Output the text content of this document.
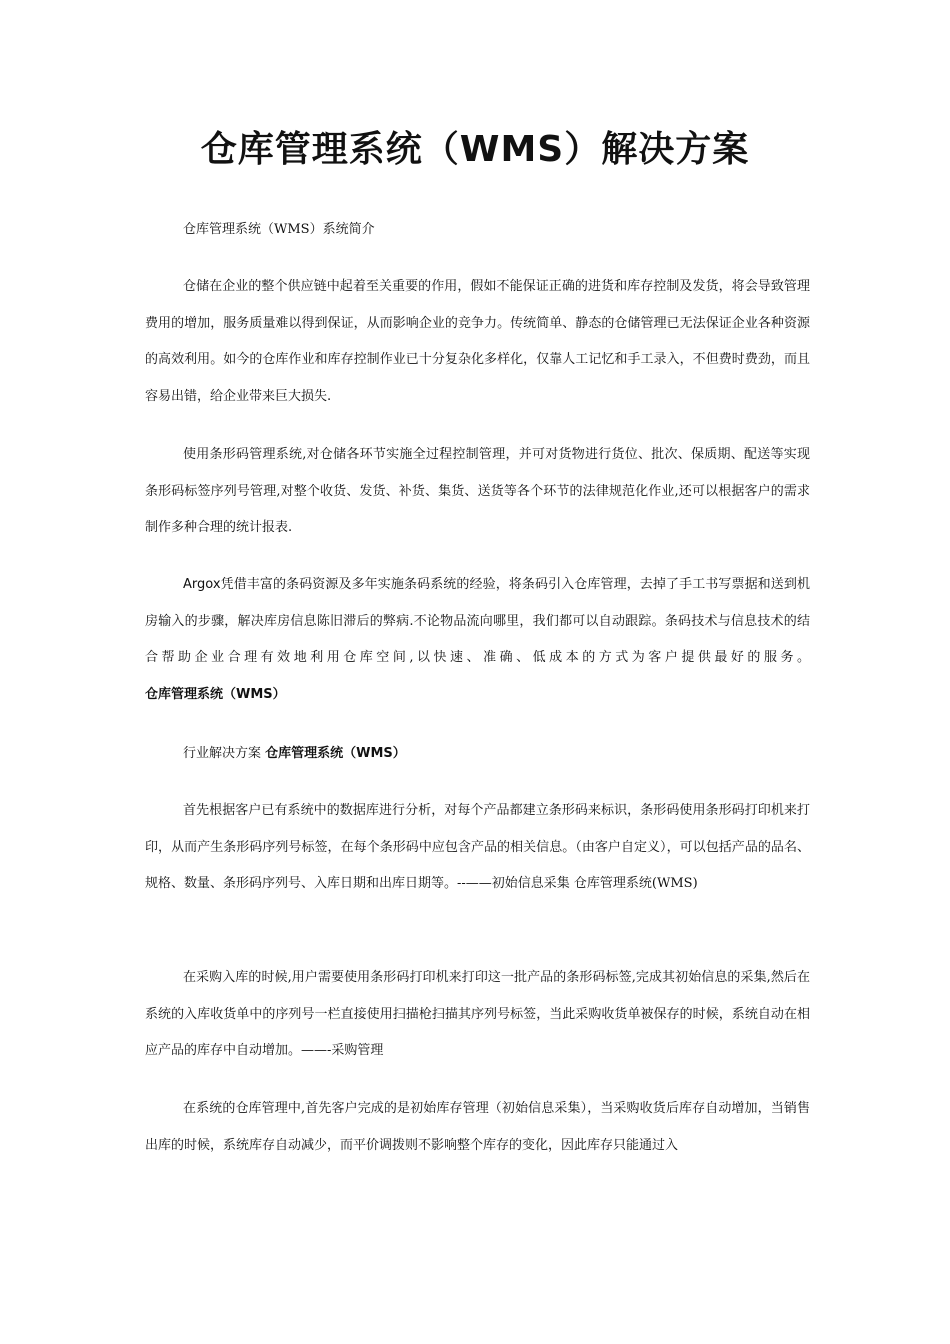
仓库管理系统（WMS）解决方案

仓库管理系统（WMS）系统简介

仓储在企业的整个供应链中起着至关重要的作用，假如不能保证正确的进货和库存控制及发货，将会导致管理费用的增加，服务质量难以得到保证，从而影响企业的竞争力。传统简单、静态的仓储管理已无法保证企业各种资源的高效利用。如今的仓库作业和库存控制作业已十分复杂化多样化，仅靠人工记忆和手工录入，不但费时费劲，而且容易出错，给企业带来巨大损失.

使用条形码管理系统,对仓储各环节实施全过程控制管理，并可对货物进行货位、批次、保质期、配送等实现条形码标签序列号管理,对整个收货、发货、补货、集货、送货等各个环节的法律规范化作业,还可以根据客户的需求制作多种合理的统计报表.

Argox凭借丰富的条码资源及多年实施条码系统的经验，将条码引入仓库管理，去掉了手工书写票据和送到机房输入的步骤，解决库房信息陈旧滞后的弊病.不论物品流向哪里，我们都可以自动跟踪。条码技术与信息技术的结合帮助企业合理有效地利用仓库空间,以快速、准确、低成本的方式为客户提供最好的服务。 仓库管理系统（WMS）

行业解决方案 仓库管理系统（WMS）

首先根据客户已有系统中的数据库进行分析，对每个产品都建立条形码来标识，条形码使用条形码打印机来打印，从而产生条形码序列号标签，在每个条形码中应包含产品的相关信息。（由客户自定义），可以包括产品的品名、规格、数量、条形码序列号、入库日期和出库日期等。--——初始信息采集 仓库管理系统(WMS)

在采购入库的时候,用户需要使用条形码打印机来打印这一批产品的条形码标签,完成其初始信息的采集,然后在系统的入库收货单中的序列号一栏直接使用扫描枪扫描其序列号标签，当此采购收货单被保存的时候，系统自动在相应产品的库存中自动增加。——-采购管理

在系统的仓库管理中,首先客户完成的是初始库存管理（初始信息采集），当采购收货后库存自动增加，当销售出库的时候，系统库存自动减少，而平价调拨则不影响整个库存的变化，因此库存只能通过入
